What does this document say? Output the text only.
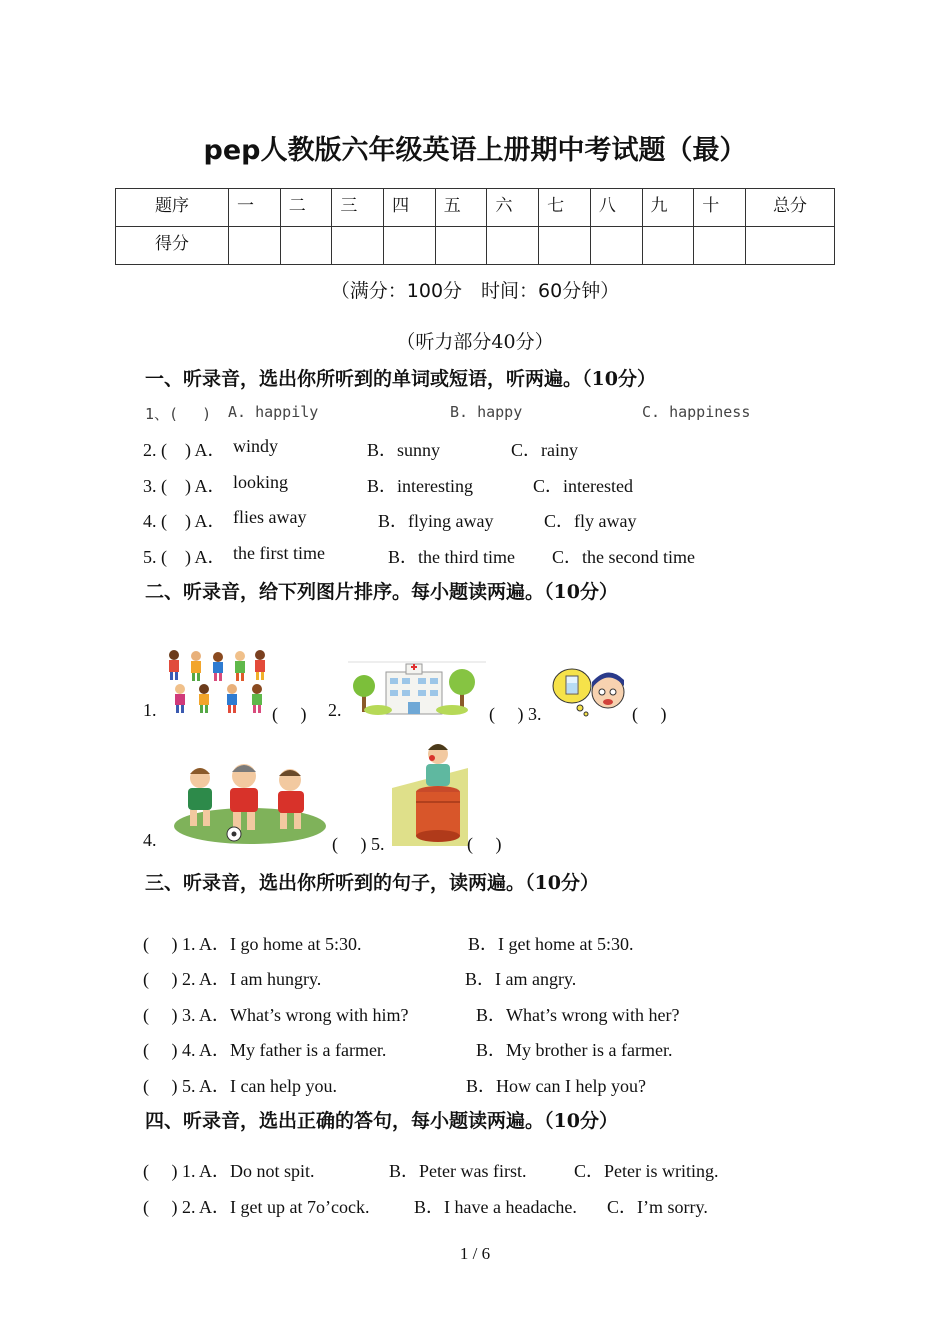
pep人教版六年级英语上册期中考试题（最）
题序	一	二	三	四	五	六	七	八	九	十	总分
得分											
（满分：100分　时间：60分钟）
（听力部分40分）
一、听录音，选出你所听到的单词或短语，听两遍。（10分）
1、(　 ) A. happily	B. happy	C. happiness
2. (　) A． windy	B．sunny	C．rainy
3. (　) A． looking	B．interesting	C．interested
4. (　) A． flies away	B．flying away	C．fly away
5. (　) A． the first time	B．the third time C．the second time
二、听录音，给下列图片排序。每小题读两遍。（10分）
1.	(　 ) 2.	(　 ) 3.	(　 )
4.	(　 ) 5.	(　 )
三、听录音，选出你所听到的句子，读两遍。（10分）
(　 ) 1. A．I go home at 5:30.	B．I get home at 5:30.
(　 ) 2. A．I am hungry.	B．I am angry.
(　 ) 3. A．What’s wrong with him?	B．What’s wrong with her?
(　 ) 4. A．My father is a farmer.	B．My brother is a farmer.
(　 ) 5. A．I can help you.	B．How can I help you?
四、听录音，选出正确的答句，每小题读两遍。（10分）
(　 ) 1. A．Do not spit.	B．Peter was first.	C．Peter is writing.
(　 ) 2. A．I get up at 7o’cock. B．I have a headache. C．I’m sorry.
1 / 6
